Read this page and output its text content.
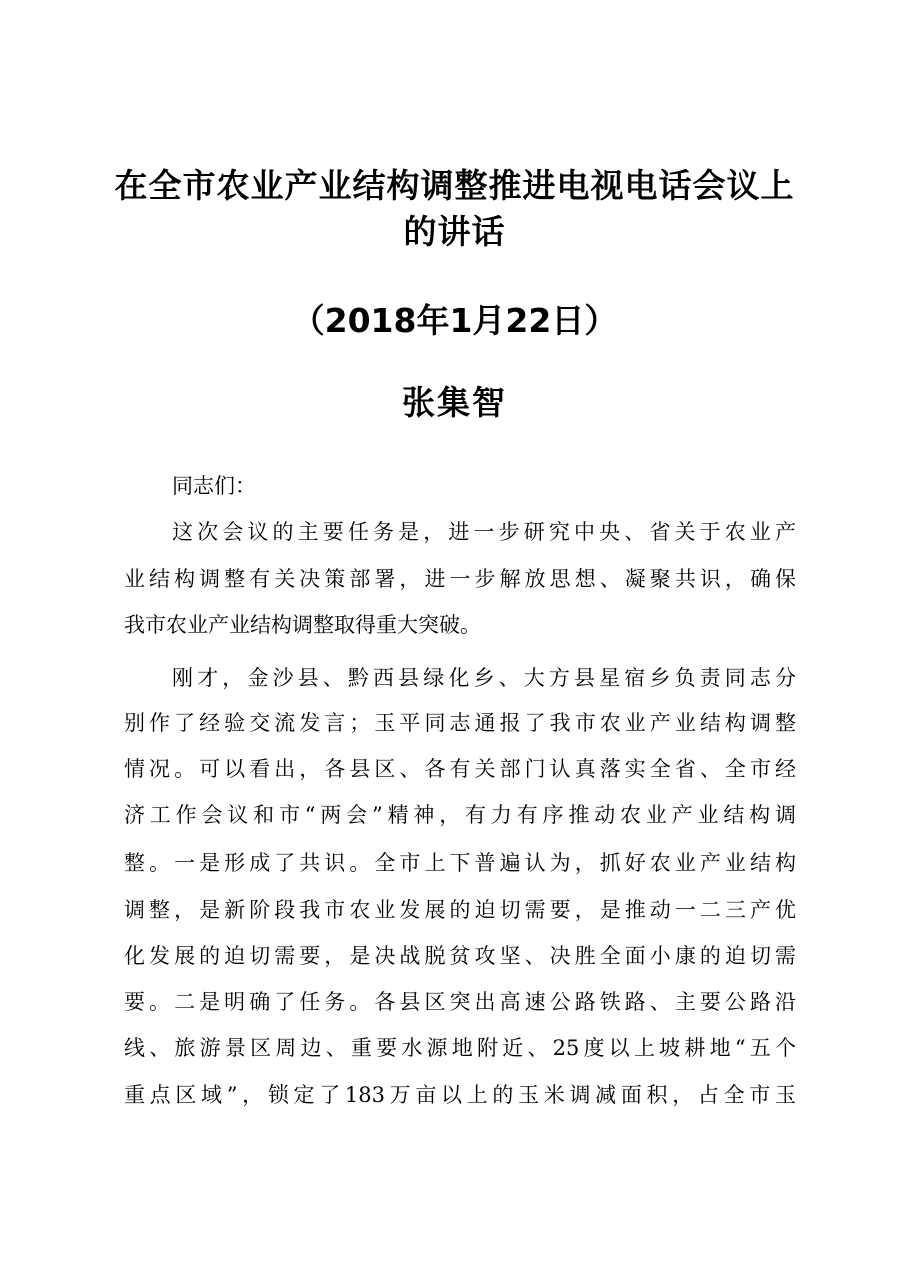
在全市农业产业结构调整推进电视电话会议上
的讲话

（2018年1月22日）

张集智

同志们：

这次会议的主要任务是，进一步研究中央、省关于农业产

业结构调整有关决策部署，进一步解放思想、凝聚共识，确保

我市农业产业结构调整取得重大突破。

刚才，金沙县、黔西县绿化乡、大方县星宿乡负责同志分

别作了经验交流发言；玉平同志通报了我市农业产业结构调整

情况。可以看出，各县区、各有关部门认真落实全省、全市经

济工作会议和市“两会”精神，有力有序推动农业产业结构调

整。一是形成了共识。全市上下普遍认为，抓好农业产业结构

调整，是新阶段我市农业发展的迫切需要，是推动一二三产优

化发展的迫切需要，是决战脱贫攻坚、决胜全面小康的迫切需

要。二是明确了任务。各县区突出高速公路铁路、主要公路沿

线、旅游景区周边、重要水源地附近、25度以上坡耕地“五个

重点区域”，锁定了183万亩以上的玉米调减面积，占全市玉
